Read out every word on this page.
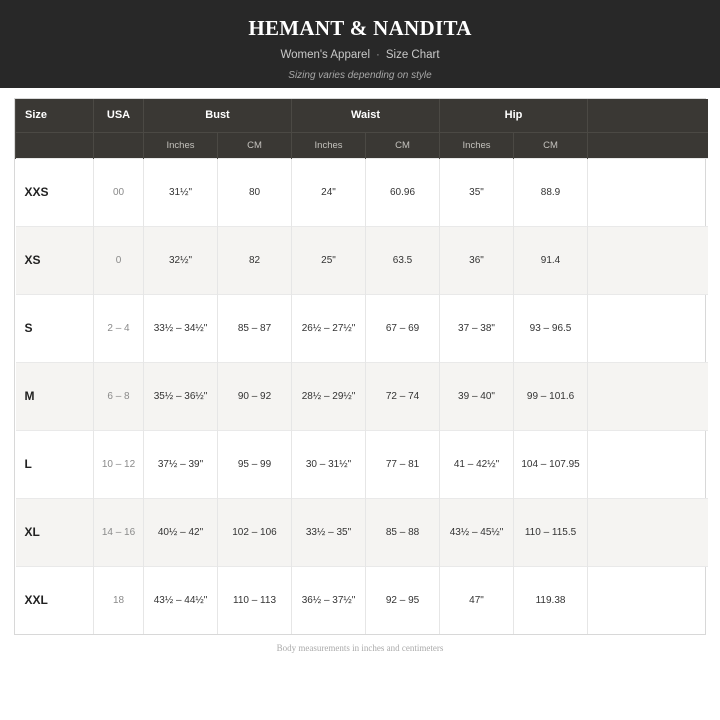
HEMANT & NANDITA
Women's Apparel · Size Chart
Sizing varies depending on style
Size	USA	Bust		Waist		Hip		
		Inches	CM	Inches	CM	Inches	CM	
XXS	00	31½"	80	24"	60.96	35"	88.9	
XS	0	32½"	82	25"	63.5	36"	91.4	
S	2 – 4	33½ – 34½"	85 – 87	26½ – 27½"	67 – 69	37 – 38"	93 – 96.5	
M	6 – 8	35½ – 36½"	90 – 92	28½ – 29½"	72 – 74	39 – 40"	99 – 101.6	
L	10 – 12	37½ – 39"	95 – 99	30 – 31½"	77 – 81	41 – 42½"	104 – 107.95	
XL	14 – 16	40½ – 42"	102 – 106	33½ – 35"	85 – 88	43½ – 45½"	110 – 115.5	
XXL	18	43½ – 44½"	110 – 113	36½ – 37½"	92 – 95	47"	119.38	
Body measurements in inches and centimeters
